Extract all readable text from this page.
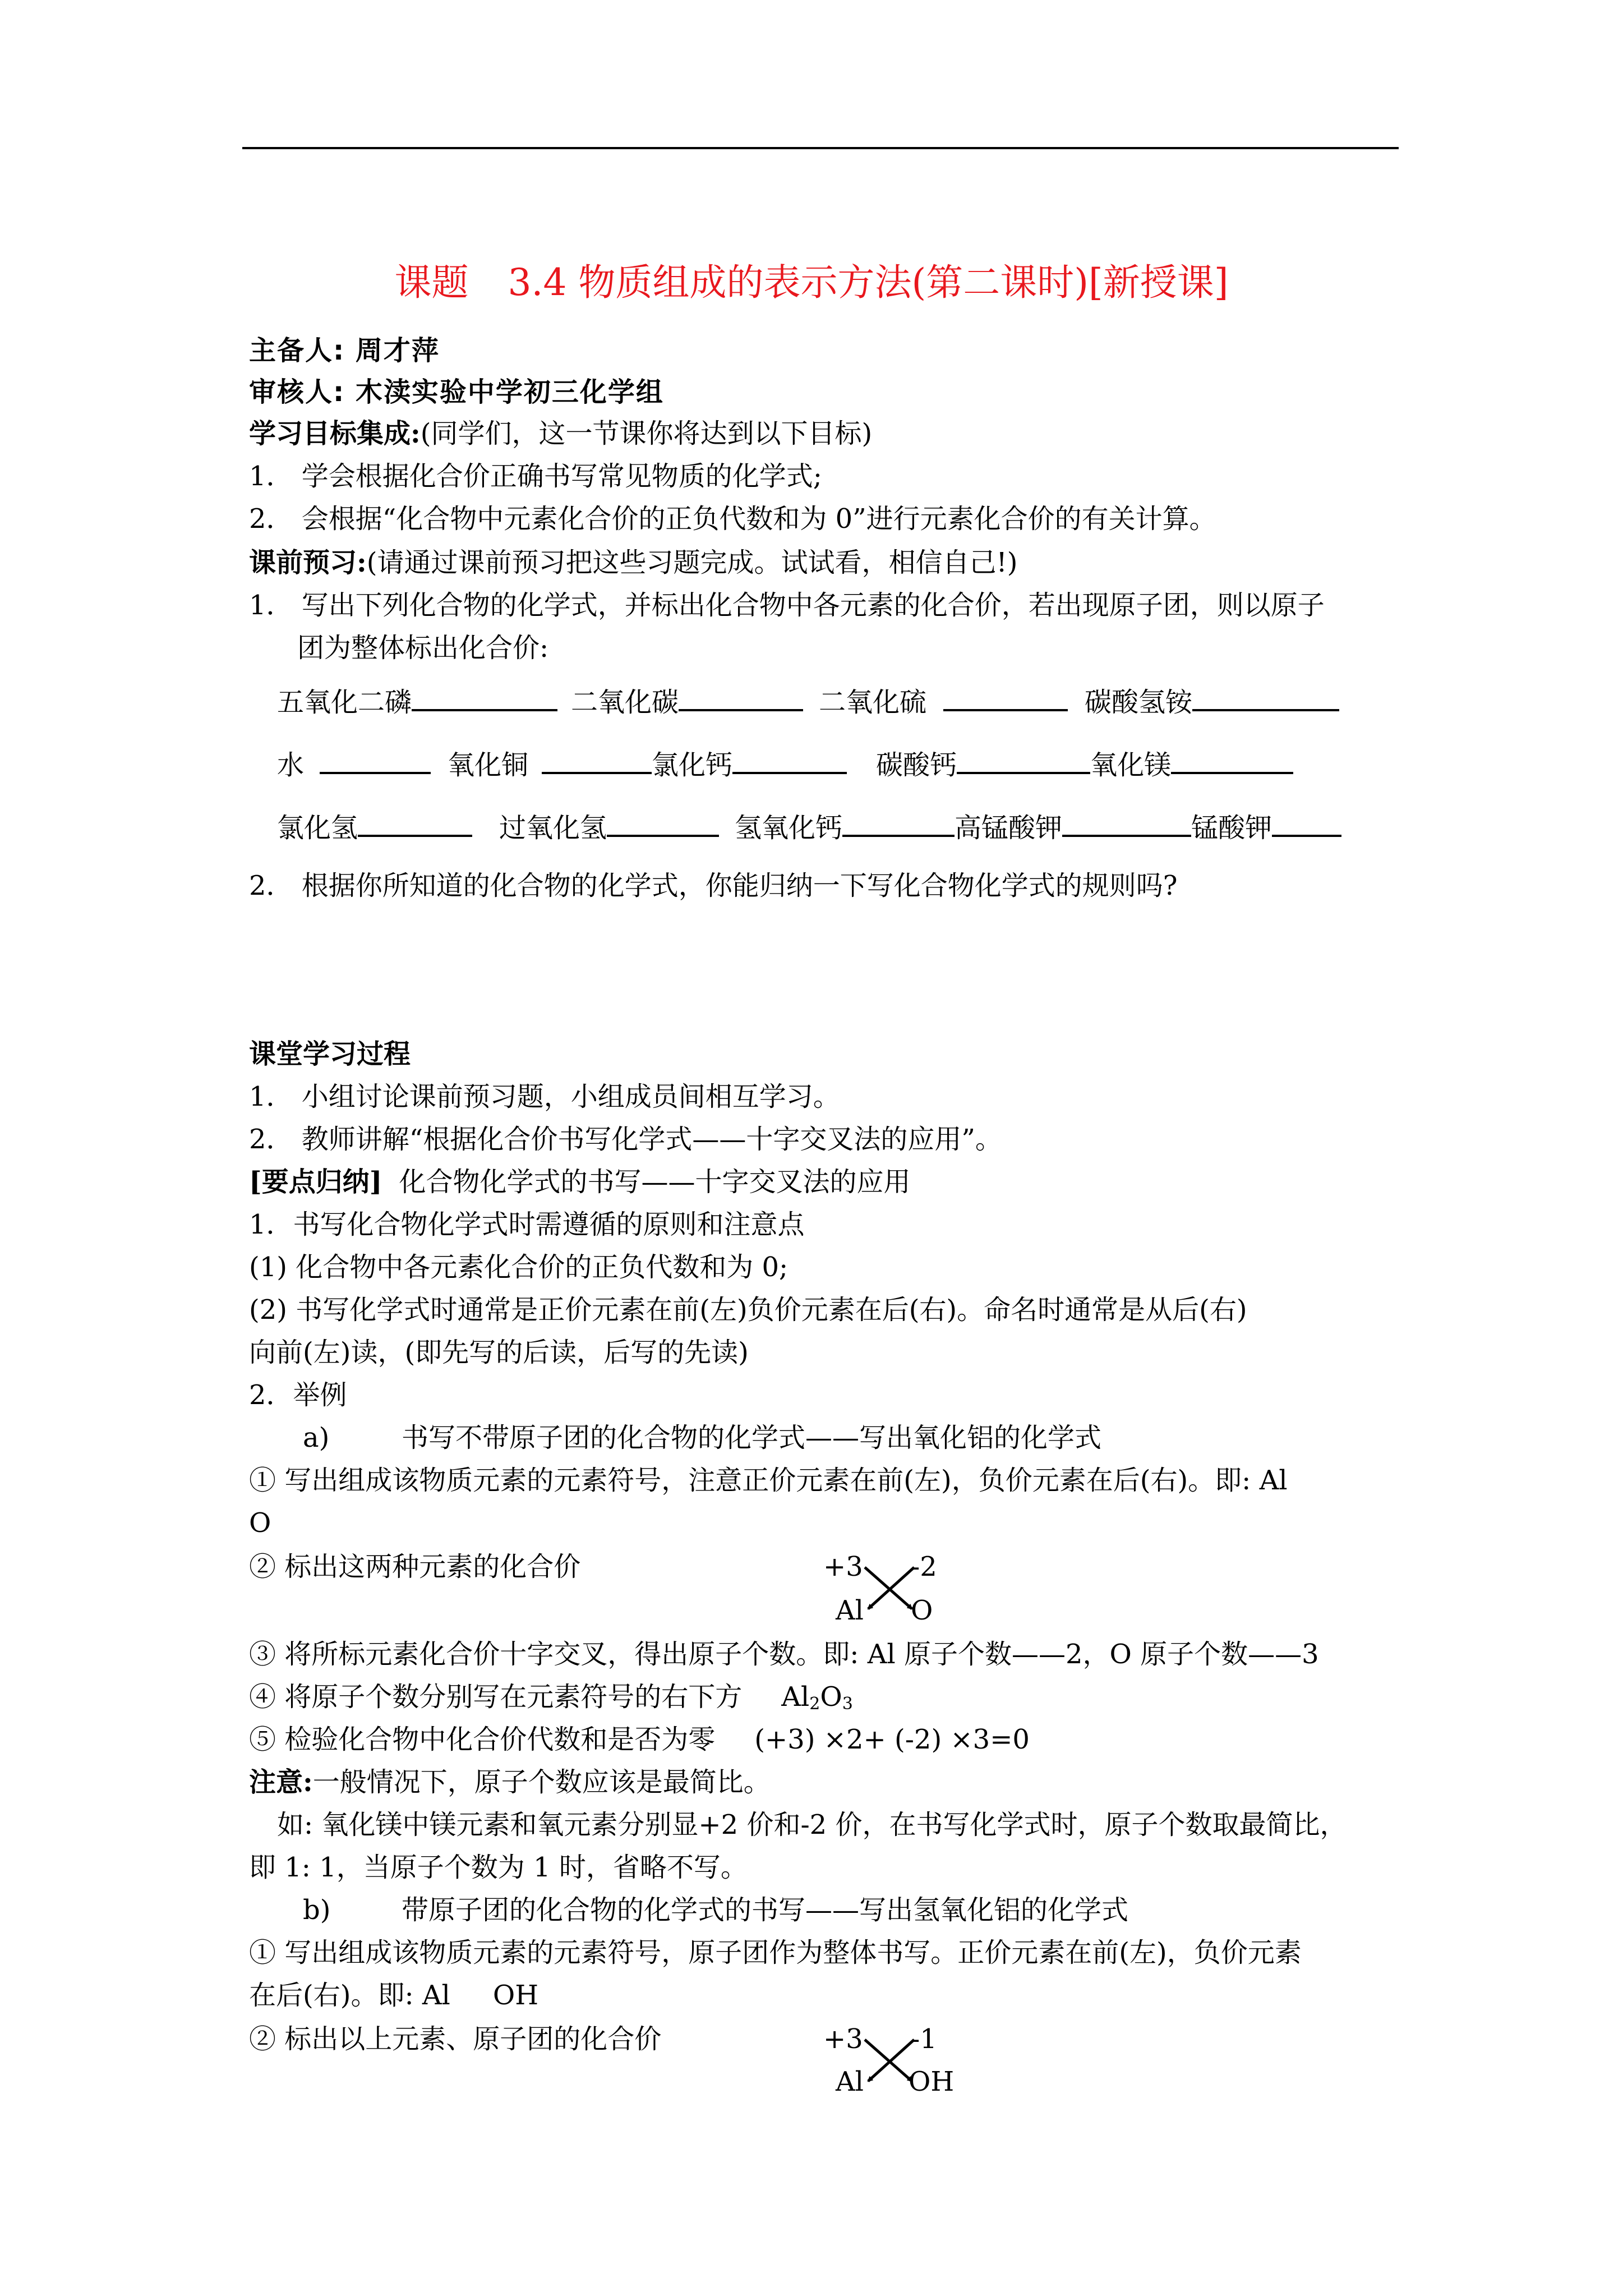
课题 3.4 物质组成的表示方法(第二课时)[新授课]
主备人: 周才萍
审核人: 木渎实验中学初三化学组
学习目标集成:(同学们，这一节课你将达到以下目标)
1． 学会根据化合价正确书写常见物质的化学式;
2． 会根据“化合物中元素化合价的正负代数和为 0”进行元素化合价的有关计算。
课前预习:(请通过课前预习把这些习题完成。试试看，相信自己!)
1． 写出下列化合物的化学式，并标出化合物中各元素的化合价，若出现原子团，则以原子
团为整体标出化合价:
五氧化二磷	二氧化碳	二氧化硫	碳酸氢铵
水	氧化铜	氯化钙	碳酸钙	氧化镁
氯化氢	过氧化氢	氢氧化钙	高锰酸钾	锰酸钾
2． 根据你所知道的化合物的化学式，你能归纳一下写化合物化学式的规则吗?
课堂学习过程
1． 小组讨论课前预习题，小组成员间相互学习。
2． 教师讲解“根据化合价书写化学式——十字交叉法的应用”。
[要点归纳] 化合物化学式的书写——十字交叉法的应用
1．书写化合物化学式时需遵循的原则和注意点
(1) 化合物中各元素化合价的正负代数和为 0;
(2) 书写化学式时通常是正价元素在前(左)负价元素在后(右)。命名时通常是从后(右)
向前(左)读，(即先写的后读，后写的先读)
2．举例
a)	书写不带原子团的化合物的化学式——写出氧化铝的化学式
① 写出组成该物质元素的元素符号，注意正价元素在前(左)，负价元素在后(右)。即: Al
O
② 标出这两种元素的化合价	+3 -2
Al O
③ 将所标元素化合价十字交叉，得出原子个数。即: Al 原子个数——2，O 原子个数——3
④ 将原子个数分别写在元素符号的右下方 $Al_2O_3$
⑤ 检验化合物中化合价代数和是否为零 (+3) ×2+ (-2) ×3=0
注意:一般情况下，原子个数应该是最简比。
如: 氧化镁中镁元素和氧元素分别显+2 价和-2 价，在书写化学式时，原子个数取最简比，
即 1: 1，当原子个数为 1 时，省略不写。
b)	带原子团的化合物的化学式的书写——写出氢氧化铝的化学式
① 写出组成该物质元素的元素符号，原子团作为整体书写。正价元素在前(左)，负价元素
在后(右)。即: Al OH
② 标出以上元素、原子团的化合价	+3 -1
Al OH
